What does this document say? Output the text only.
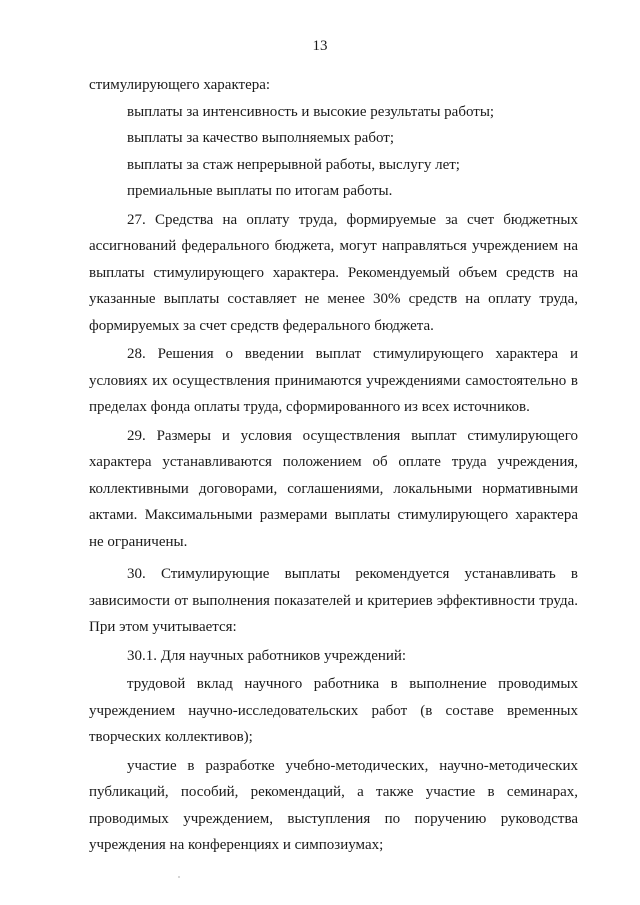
13

стимулирующего характера:

выплаты за интенсивность и высокие результаты работы;

выплаты за качество выполняемых работ;

выплаты за стаж непрерывной работы, выслугу лет;

премиальные выплаты по итогам работы.

27. Средства на оплату труда, формируемые за счет бюджетных ассигнований федерального бюджета, могут направляться учреждением на выплаты стимулирующего характера. Рекомендуемый объем средств на указанные выплаты составляет не менее 30% средств на оплату труда, формируемых за счет средств федерального бюджета.

28. Решения о введении выплат стимулирующего характера и условиях их осуществления принимаются учреждениями самостоятельно в пределах фонда оплаты труда, сформированного из всех источников.

29. Размеры и условия осуществления выплат стимулирующего характера устанавливаются положением об оплате труда учреждения, коллективными договорами, соглашениями, локальными нормативными актами. Максимальными размерами выплаты стимулирующего характера не ограничены.

30. Стимулирующие выплаты рекомендуется устанавливать в зависимости от выполнения показателей и критериев эффективности труда. При этом учитывается:

30.1. Для научных работников учреждений:

трудовой вклад научного работника в выполнение проводимых учреждением научно-исследовательских работ (в составе временных творческих коллективов);

участие в разработке учебно-методических, научно-методических публикаций, пособий, рекомендаций, а также участие в семинарах, проводимых учреждением, выступления по поручению руководства учреждения на конференциях и симпозиумах;
